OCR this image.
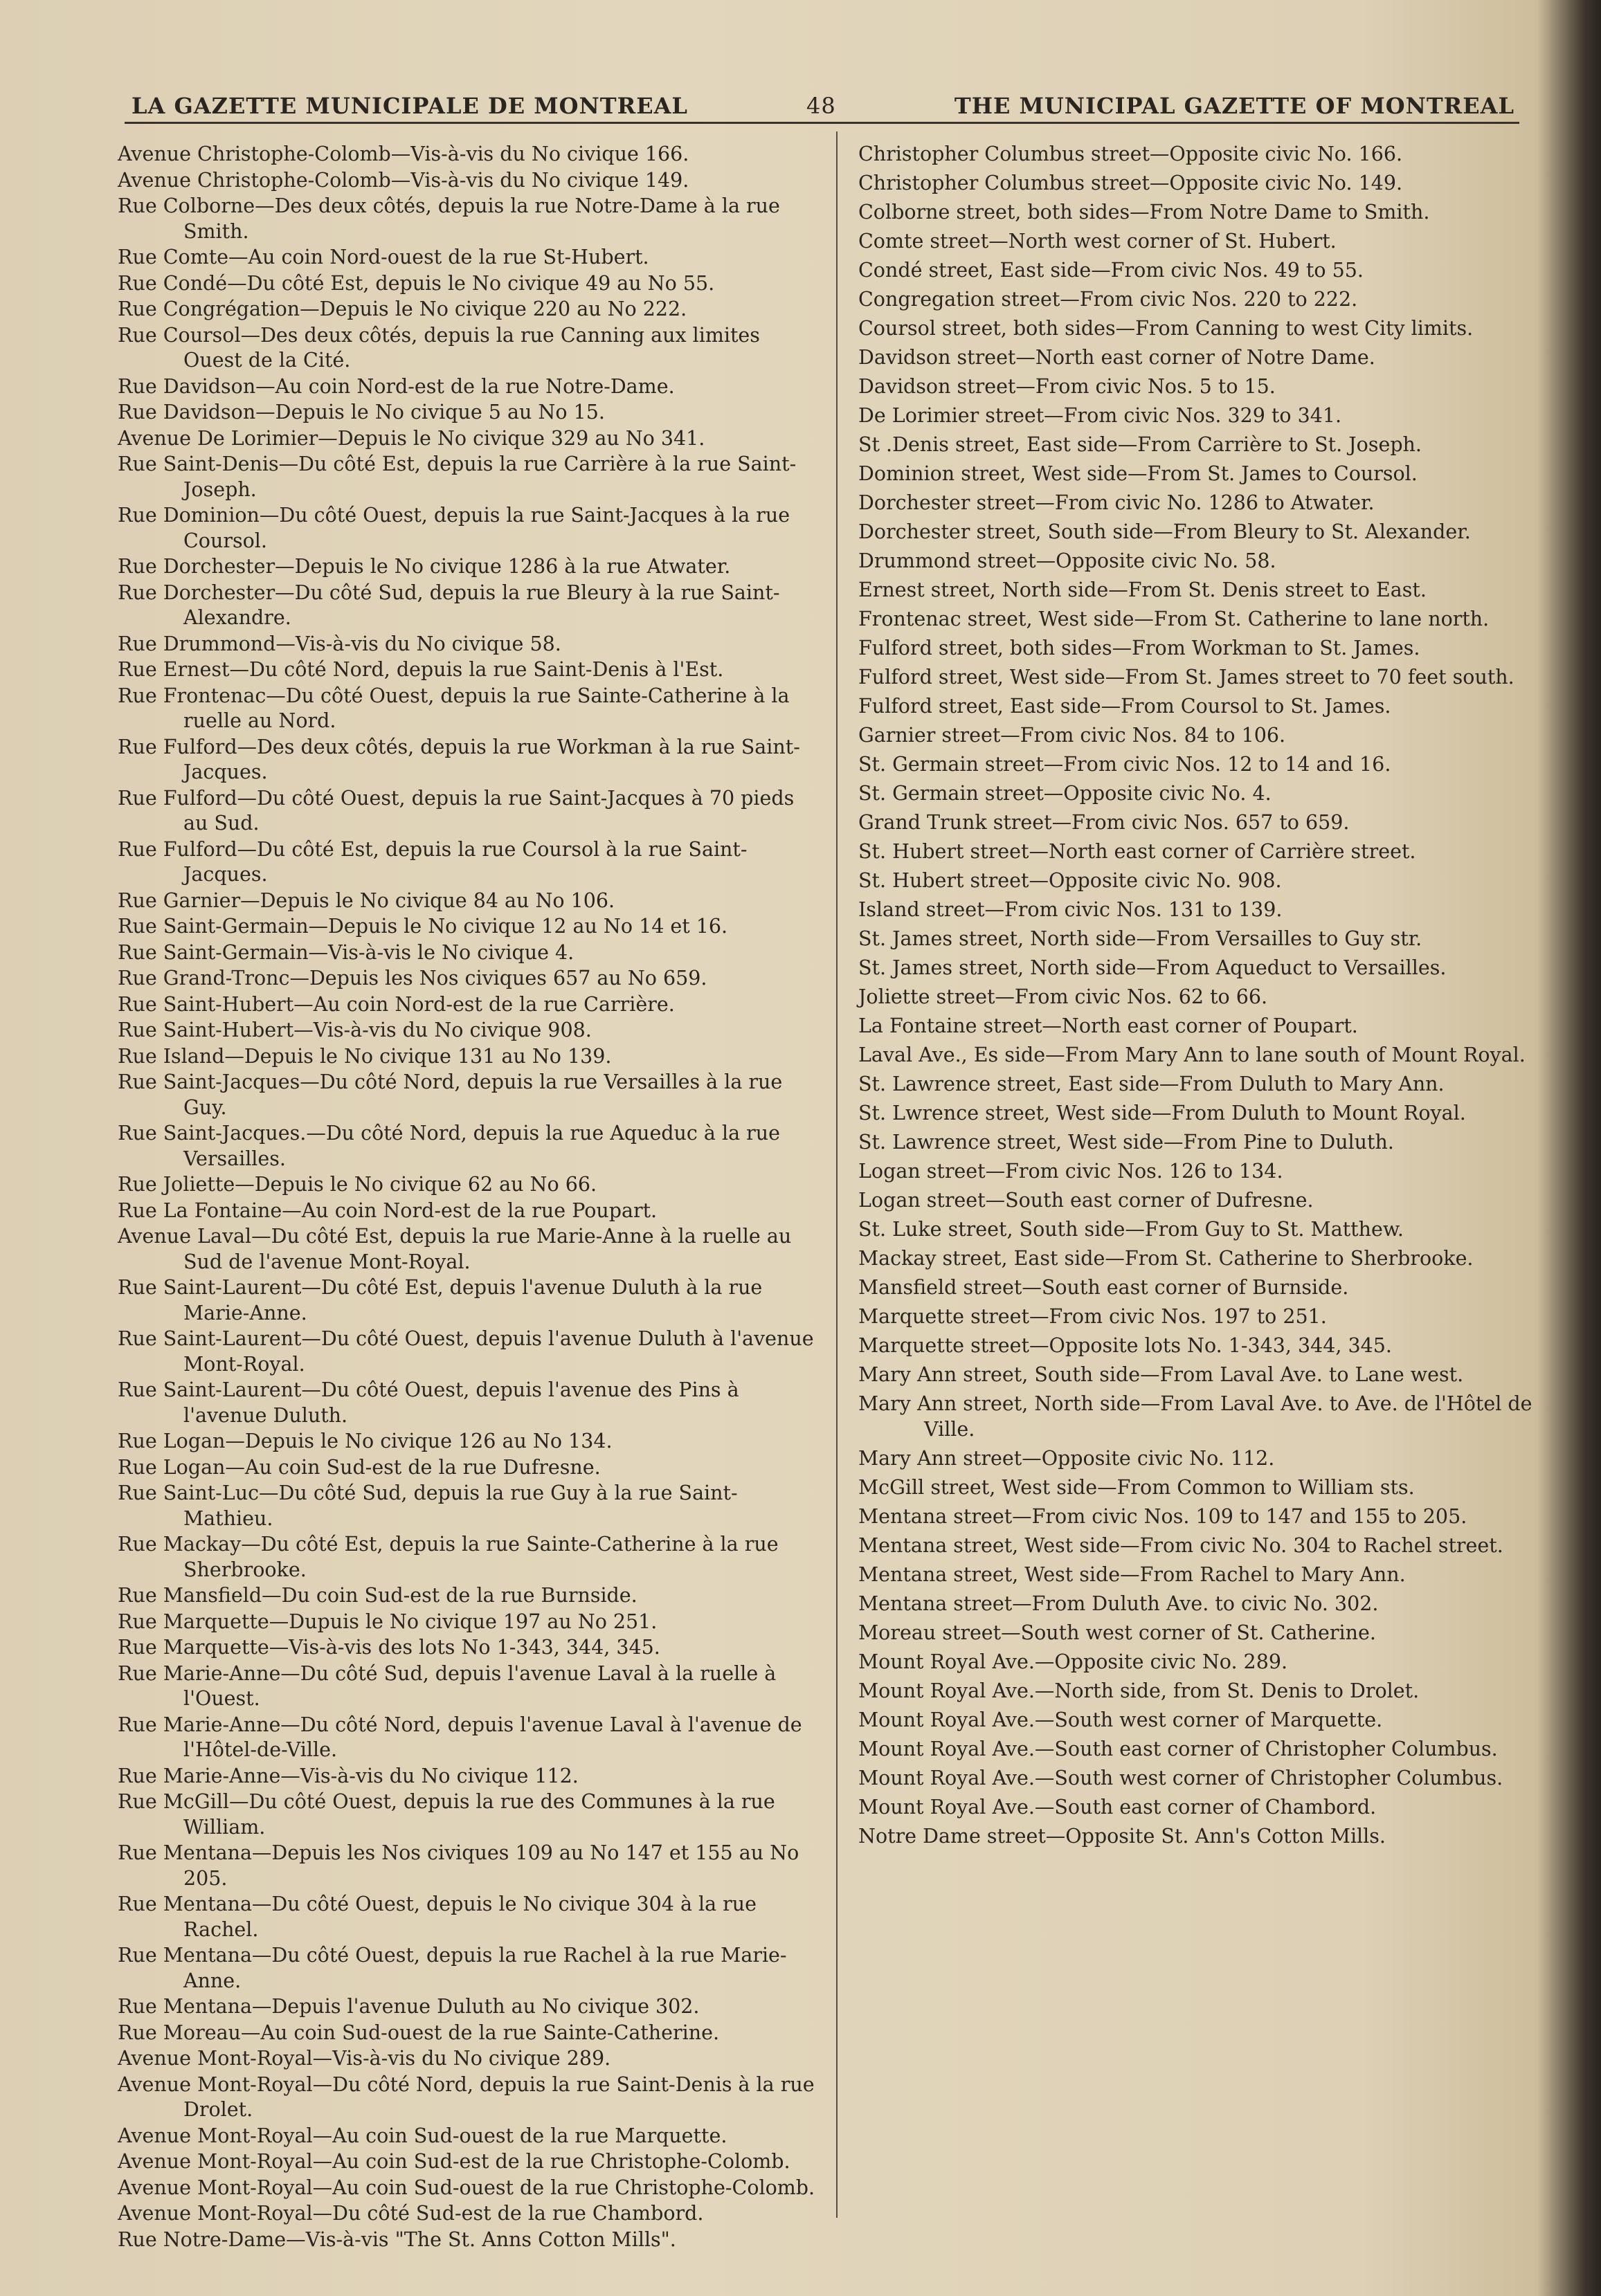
LA GAZETTE MUNICIPALE DE MONTREAL	48	THE MUNICIPAL GAZETTE OF MONTREAL
Avenue Christophe-Colomb—Vis-à-vis du No civique 166.
Avenue Christophe-Colomb—Vis-à-vis du No civique 149.
Rue Colborne—Des deux côtés, depuis la rue Notre-Dame à la rue Smith.
Rue Comte—Au coin Nord-ouest de la rue St-Hubert.
Rue Condé—Du côté Est, depuis le No civique 49 au No 55.
Rue Congrégation—Depuis le No civique 220 au No 222.
Rue Coursol—Des deux côtés, depuis la rue Canning aux limites Ouest de la Cité.
Rue Davidson—Au coin Nord-est de la rue Notre-Dame.
Rue Davidson—Depuis le No civique 5 au No 15.
Avenue De Lorimier—Depuis le No civique 329 au No 341.
Rue Saint-Denis—Du côté Est, depuis la rue Carrière à la rue Saint-Joseph.
Rue Dominion—Du côté Ouest, depuis la rue Saint-Jacques à la rue Coursol.
Rue Dorchester—Depuis le No civique 1286 à la rue Atwater.
Rue Dorchester—Du côté Sud, depuis la rue Bleury à la rue Saint-Alexandre.
Rue Drummond—Vis-à-vis du No civique 58.
Rue Ernest—Du côté Nord, depuis la rue Saint-Denis à l'Est.
Rue Frontenac—Du côté Ouest, depuis la rue Sainte-Catherine à la ruelle au Nord.
Rue Fulford—Des deux côtés, depuis la rue Workman à la rue Saint-Jacques.
Rue Fulford—Du côté Ouest, depuis la rue Saint-Jacques à 70 pieds au Sud.
Rue Fulford—Du côté Est, depuis la rue Coursol à la rue Saint-Jacques.
Rue Garnier—Depuis le No civique 84 au No 106.
Rue Saint-Germain—Depuis le No civique 12 au No 14 et 16.
Rue Saint-Germain—Vis-à-vis le No civique 4.
Rue Grand-Tronc—Depuis les Nos civiques 657 au No 659.
Rue Saint-Hubert—Au coin Nord-est de la rue Carrière.
Rue Saint-Hubert—Vis-à-vis du No civique 908.
Rue Island—Depuis le No civique 131 au No 139.
Rue Saint-Jacques—Du côté Nord, depuis la rue Versailles à la rue Guy.
Rue Saint-Jacques.—Du côté Nord, depuis la rue Aqueduc à la rue Versailles.
Rue Joliette—Depuis le No civique 62 au No 66.
Rue La Fontaine—Au coin Nord-est de la rue Poupart.
Avenue Laval—Du côté Est, depuis la rue Marie-Anne à la ruelle au Sud de l'avenue Mont-Royal.
Rue Saint-Laurent—Du côté Est, depuis l'avenue Duluth à la rue Marie-Anne.
Rue Saint-Laurent—Du côté Ouest, depuis l'avenue Duluth à l'avenue Mont-Royal.
Rue Saint-Laurent—Du côté Ouest, depuis l'avenue des Pins à l'avenue Duluth.
Rue Logan—Depuis le No civique 126 au No 134.
Rue Logan—Au coin Sud-est de la rue Dufresne.
Rue Saint-Luc—Du côté Sud, depuis la rue Guy à la rue Saint-Mathieu.
Rue Mackay—Du côté Est, depuis la rue Sainte-Catherine à la rue Sherbrooke.
Rue Mansfield—Du coin Sud-est de la rue Burnside.
Rue Marquette—Dupuis le No civique 197 au No 251.
Rue Marquette—Vis-à-vis des lots No 1-343, 344, 345.
Rue Marie-Anne—Du côté Sud, depuis l'avenue Laval à la ruelle à l'Ouest.
Rue Marie-Anne—Du côté Nord, depuis l'avenue Laval à l'avenue de l'Hôtel-de-Ville.
Rue Marie-Anne—Vis-à-vis du No civique 112.
Rue McGill—Du côté Ouest, depuis la rue des Communes à la rue William.
Rue Mentana—Depuis les Nos civiques 109 au No 147 et 155 au No 205.
Rue Mentana—Du côté Ouest, depuis le No civique 304 à la rue Rachel.
Rue Mentana—Du côté Ouest, depuis la rue Rachel à la rue Marie-Anne.
Rue Mentana—Depuis l'avenue Duluth au No civique 302.
Rue Moreau—Au coin Sud-ouest de la rue Sainte-Catherine.
Avenue Mont-Royal—Vis-à-vis du No civique 289.
Avenue Mont-Royal—Du côté Nord, depuis la rue Saint-Denis à la rue Drolet.
Avenue Mont-Royal—Au coin Sud-ouest de la rue Marquette.
Avenue Mont-Royal—Au coin Sud-est de la rue Christophe-Colomb.
Avenue Mont-Royal—Au coin Sud-ouest de la rue Christophe-Colomb.
Avenue Mont-Royal—Du côté Sud-est de la rue Chambord.
Rue Notre-Dame—Vis-à-vis "The St. Anns Cotton Mills".
Christopher Columbus street—Opposite civic No. 166.
Christopher Columbus street—Opposite civic No. 149.
Colborne street, both sides—From Notre Dame to Smith.
Comte street—North west corner of St. Hubert.
Condé street, East side—From civic Nos. 49 to 55.
Congregation street—From civic Nos. 220 to 222.
Coursol street, both sides—From Canning to west City limits.
Davidson street—North east corner of Notre Dame.
Davidson street—From civic Nos. 5 to 15.
De Lorimier street—From civic Nos. 329 to 341.
St .Denis street, East side—From Carrière to St. Joseph.
Dominion street, West side—From St. James to Coursol.
Dorchester street—From civic No. 1286 to Atwater.
Dorchester street, South side—From Bleury to St. Alexander.
Drummond street—Opposite civic No. 58.
Ernest street, North side—From St. Denis street to East.
Frontenac street, West side—From St. Catherine to lane north.
Fulford street, both sides—From Workman to St. James.
Fulford street, West side—From St. James street to 70 feet south.
Fulford street, East side—From Coursol to St. James.
Garnier street—From civic Nos. 84 to 106.
St. Germain street—From civic Nos. 12 to 14 and 16.
St. Germain street—Opposite civic No. 4.
Grand Trunk street—From civic Nos. 657 to 659.
St. Hubert street—North east corner of Carrière street.
St. Hubert street—Opposite civic No. 908.
Island street—From civic Nos. 131 to 139.
St. James street, North side—From Versailles to Guy str.
St. James street, North side—From Aqueduct to Versailles.
Joliette street—From civic Nos. 62 to 66.
La Fontaine street—North east corner of Poupart.
Laval Ave., Es side—From Mary Ann to lane south of Mount Royal.
St. Lawrence street, East side—From Duluth to Mary Ann.
St. Lwrence street, West side—From Duluth to Mount Royal.
St. Lawrence street, West side—From Pine to Duluth.
Logan street—From civic Nos. 126 to 134.
Logan street—South east corner of Dufresne.
St. Luke street, South side—From Guy to St. Matthew.
Mackay street, East side—From St. Catherine to Sherbrooke.
Mansfield street—South east corner of Burnside.
Marquette street—From civic Nos. 197 to 251.
Marquette street—Opposite lots No. 1-343, 344, 345.
Mary Ann street, South side—From Laval Ave. to Lane west.
Mary Ann street, North side—From Laval Ave. to Ave. de l'Hôtel de Ville.
Mary Ann street—Opposite civic No. 112.
McGill street, West side—From Common to William sts.
Mentana street—From civic Nos. 109 to 147 and 155 to 205.
Mentana street, West side—From civic No. 304 to Rachel street.
Mentana street, West side—From Rachel to Mary Ann.
Mentana street—From Duluth Ave. to civic No. 302.
Moreau street—South west corner of St. Catherine.
Mount Royal Ave.—Opposite civic No. 289.
Mount Royal Ave.—North side, from St. Denis to Drolet.
Mount Royal Ave.—South west corner of Marquette.
Mount Royal Ave.—South east corner of Christopher Columbus.
Mount Royal Ave.—South west corner of Christopher Columbus.
Mount Royal Ave.—South east corner of Chambord.
Notre Dame street—Opposite St. Ann's Cotton Mills.
